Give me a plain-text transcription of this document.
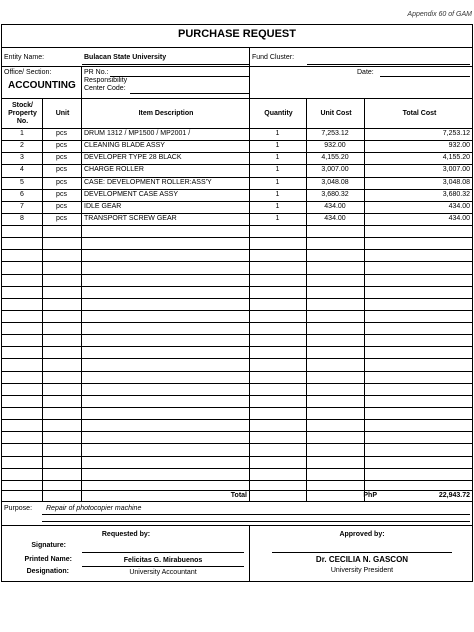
Appendix 60 of GAM
PURCHASE REQUEST
Entity Name:	Bulacan State University	Fund Cluster:
Office/ Section:
ACCOUNTING
PR No.:
Responsibility
Center Code:
Date:
Stock/
Property
No.
Unit	Item Description	Quantity	Unit Cost	Total Cost
1	pcs	DRUM 1312 / MP1500 / MP2001 /	1	7,253.12	7,253.12
2	pcs	CLEANING BLADE ASSY	1	932.00	932.00
3	pcs	DEVELOPER TYPE 28 BLACK	1	4,155.20	4,155.20
4	pcs	CHARGE ROLLER	1	3,007.00	3,007.00
5	pcs	CASE: DEVELOPMENT ROLLER:ASS'Y	1	3,048.08	3,048.08
6	pcs	DEVELOPMENT CASE ASSY	1	3,680.32	3,680.32
7	pcs	IDLE GEAR	1	434.00	434.00
8	pcs	TRANSPORT SCREW GEAR	1	434.00	434.00
Total	PhP	22,943.72
Purpose: Repair of photocopier machine
Requested by:	Approved by:
Signature:
Printed Name:	Felicitas G. Mirabuenos	Dr. CECILIA N. GASCON
Designation:	University Accountant	University President
